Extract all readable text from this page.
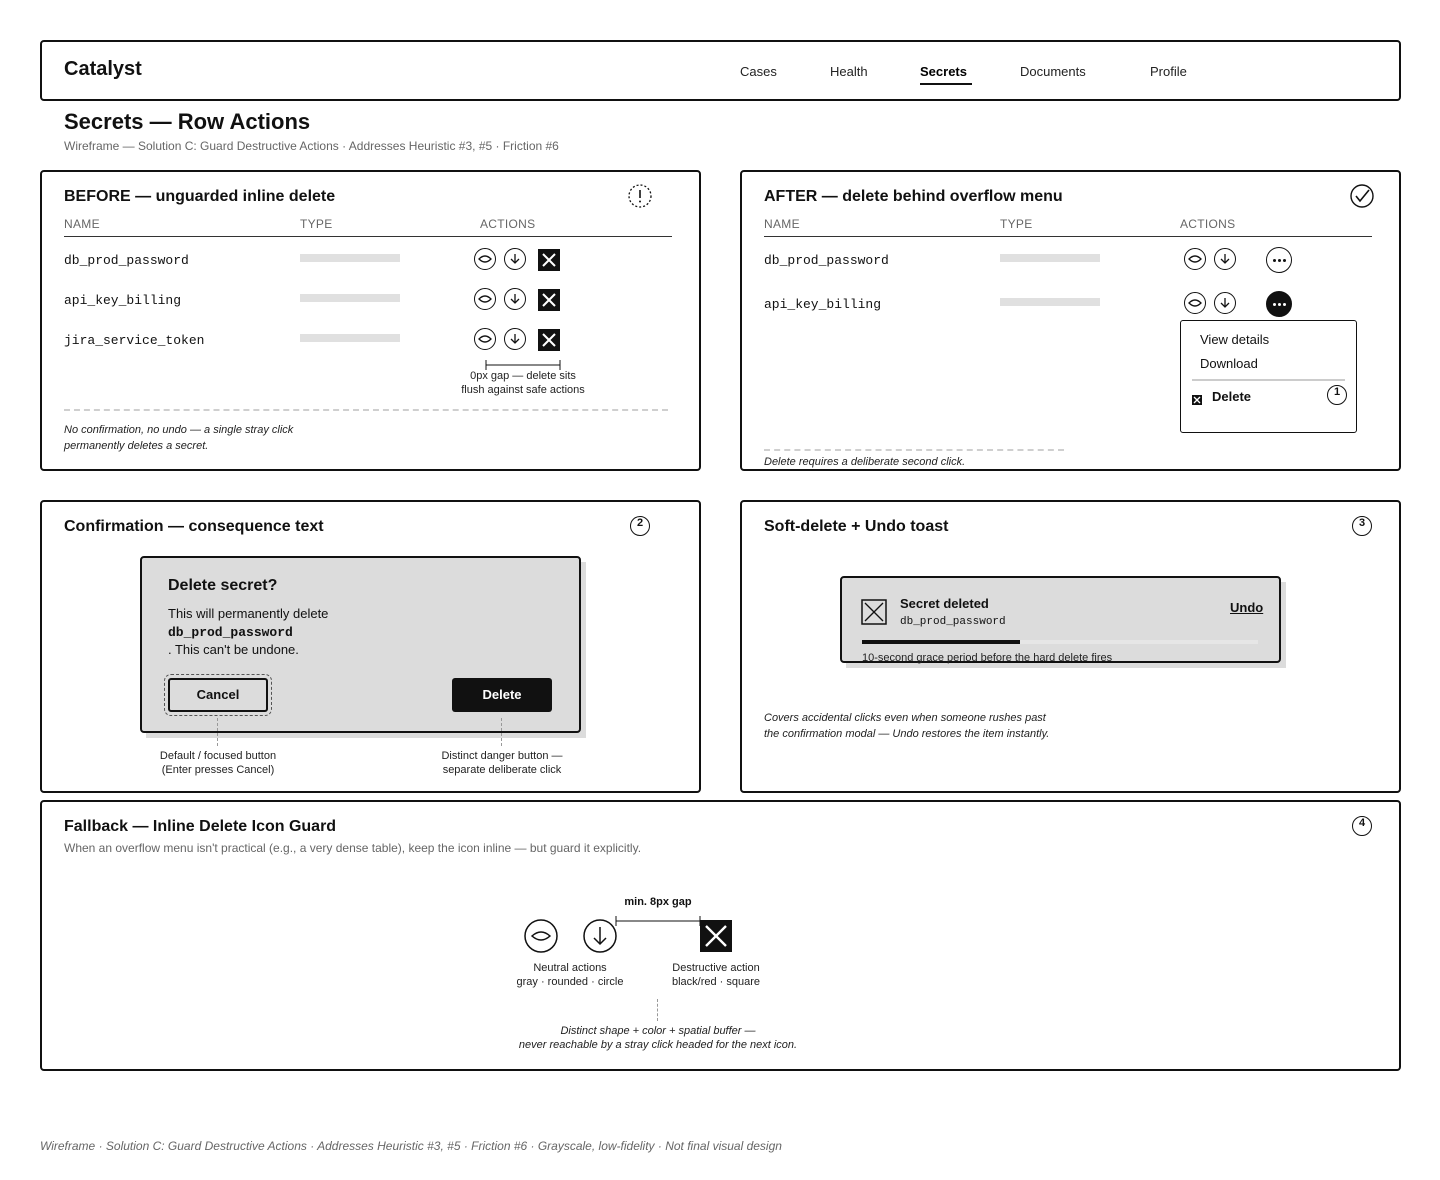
Catalyst	Cases	Health	Secrets	Documents	Profile
Secrets — Row Actions
Wireframe — Solution C: Guard Destructive Actions · Addresses Heuristic #3, #5 · Friction #6
BEFORE — unguarded inline delete
NAME	TYPE	ACTIONS
db_prod_password
api_key_billing
jira_service_token
0px gap — delete sits
flush against safe actions
No confirmation, no undo — a single stray click
permanently deletes a secret.
AFTER — delete behind overflow menu
NAME	TYPE	ACTIONS
db_prod_password
api_key_billing
View details
Download
Delete	1
Delete requires a deliberate second click.
Confirmation — consequence text	2
Delete secret?
This will permanently delete
db_prod_password
. This can't be undone.
Cancel	Delete
Default / focused button
(Enter presses Cancel)
Distinct danger button —
separate deliberate click
Soft-delete + Undo toast	3
Secret deleted
db_prod_password
Undo
10-second grace period before the hard delete fires
Covers accidental clicks even when someone rushes past
the confirmation modal — Undo restores the item instantly.
Fallback — Inline Delete Icon Guard
When an overflow menu isn't practical (e.g., a very dense table), keep the icon inline — but guard it explicitly.
4
min. 8px gap
Neutral actions
gray · rounded · circle
Destructive action
black/red · square
Distinct shape + color + spatial buffer —
never reachable by a stray click headed for the next icon.
Wireframe · Solution C: Guard Destructive Actions · Addresses Heuristic #3, #5 · Friction #6 · Grayscale, low-fidelity · Not final visual design
